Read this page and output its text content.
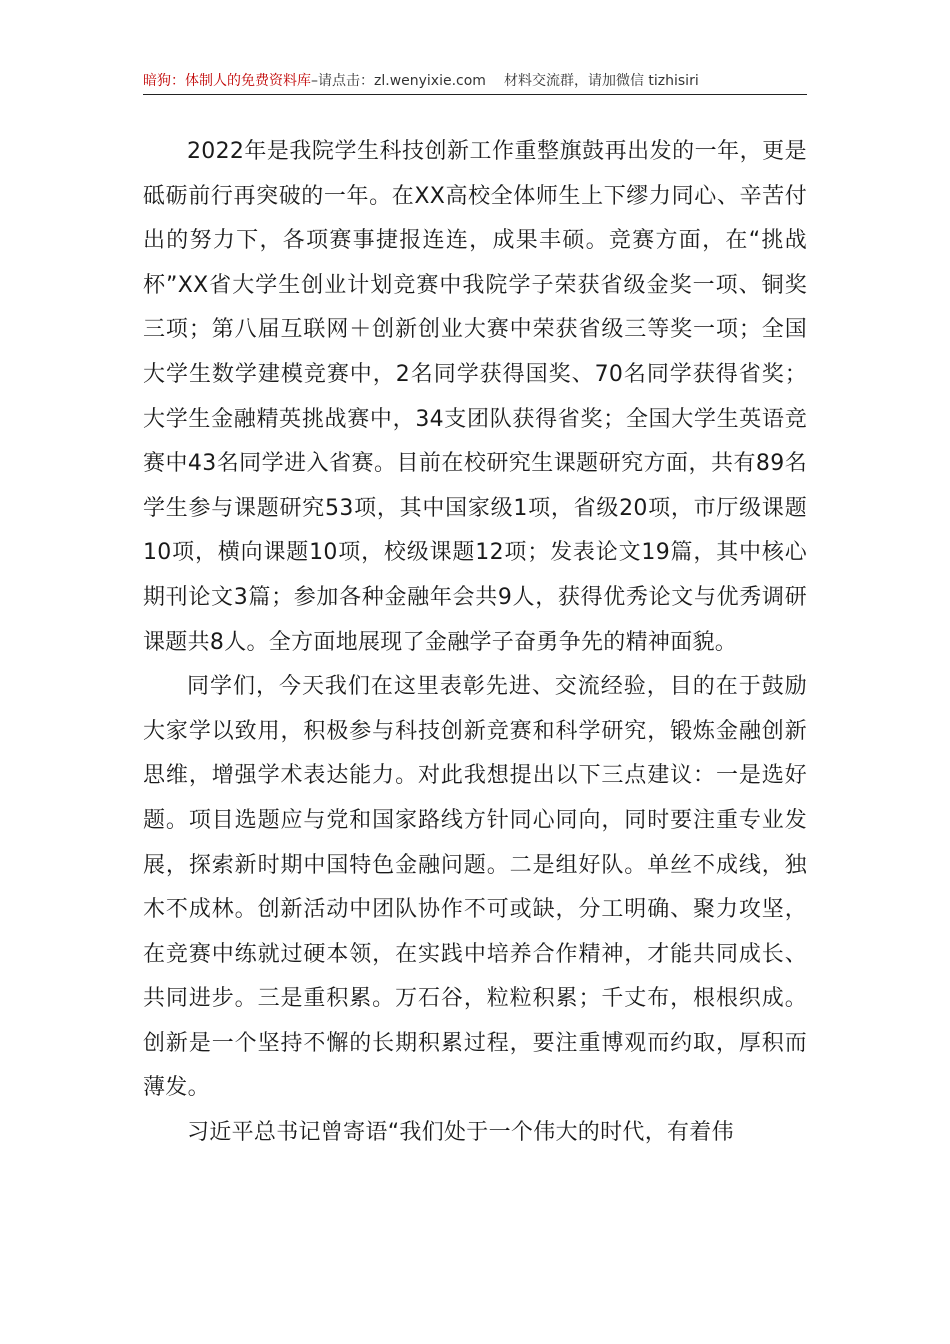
暗狗：体制人的免费资料库–请点击：zl.wenyixie.com 材料交流群，请加微信 tizhisiri

2022年是我院学生科技创新工作重整旗鼓再出发的一年，更是砥砺前行再突破的一年。在XX高校全体师生上下缪力同心、辛苦付出的努力下，各项赛事捷报连连，成果丰硕。竞赛方面，在“挑战杯”XX省大学生创业计划竞赛中我院学子荣获省级金奖一项、铜奖三项；第八届互联网＋创新创业大赛中荣获省级三等奖一项；全国大学生数学建模竞赛中，2名同学获得国奖、70名同学获得省奖；大学生金融精英挑战赛中，34支团队获得省奖；全国大学生英语竞赛中43名同学进入省赛。目前在校研究生课题研究方面，共有89名学生参与课题研究53项，其中国家级1项，省级20项，市厅级课题10项，横向课题10项，校级课题12项；发表论文19篇，其中核心期刊论文3篇；参加各种金融年会共9人，获得优秀论文与优秀调研课题共8人。全方面地展现了金融学子奋勇争先的精神面貌。

同学们，今天我们在这里表彰先进、交流经验，目的在于鼓励大家学以致用，积极参与科技创新竞赛和科学研究，锻炼金融创新思维，增强学术表达能力。对此我想提出以下三点建议：一是选好题。项目选题应与党和国家路线方针同心同向，同时要注重专业发展，探索新时期中国特色金融问题。二是组好队。单丝不成线，独木不成林。创新活动中团队协作不可或缺，分工明确、聚力攻坚，在竞赛中练就过硬本领，在实践中培养合作精神，才能共同成长、共同进步。三是重积累。万石谷，粒粒积累；千丈布，根根织成。创新是一个坚持不懈的长期积累过程，要注重博观而约取，厚积而薄发。

习近平总书记曾寄语“我们处于一个伟大的时代，有着伟
